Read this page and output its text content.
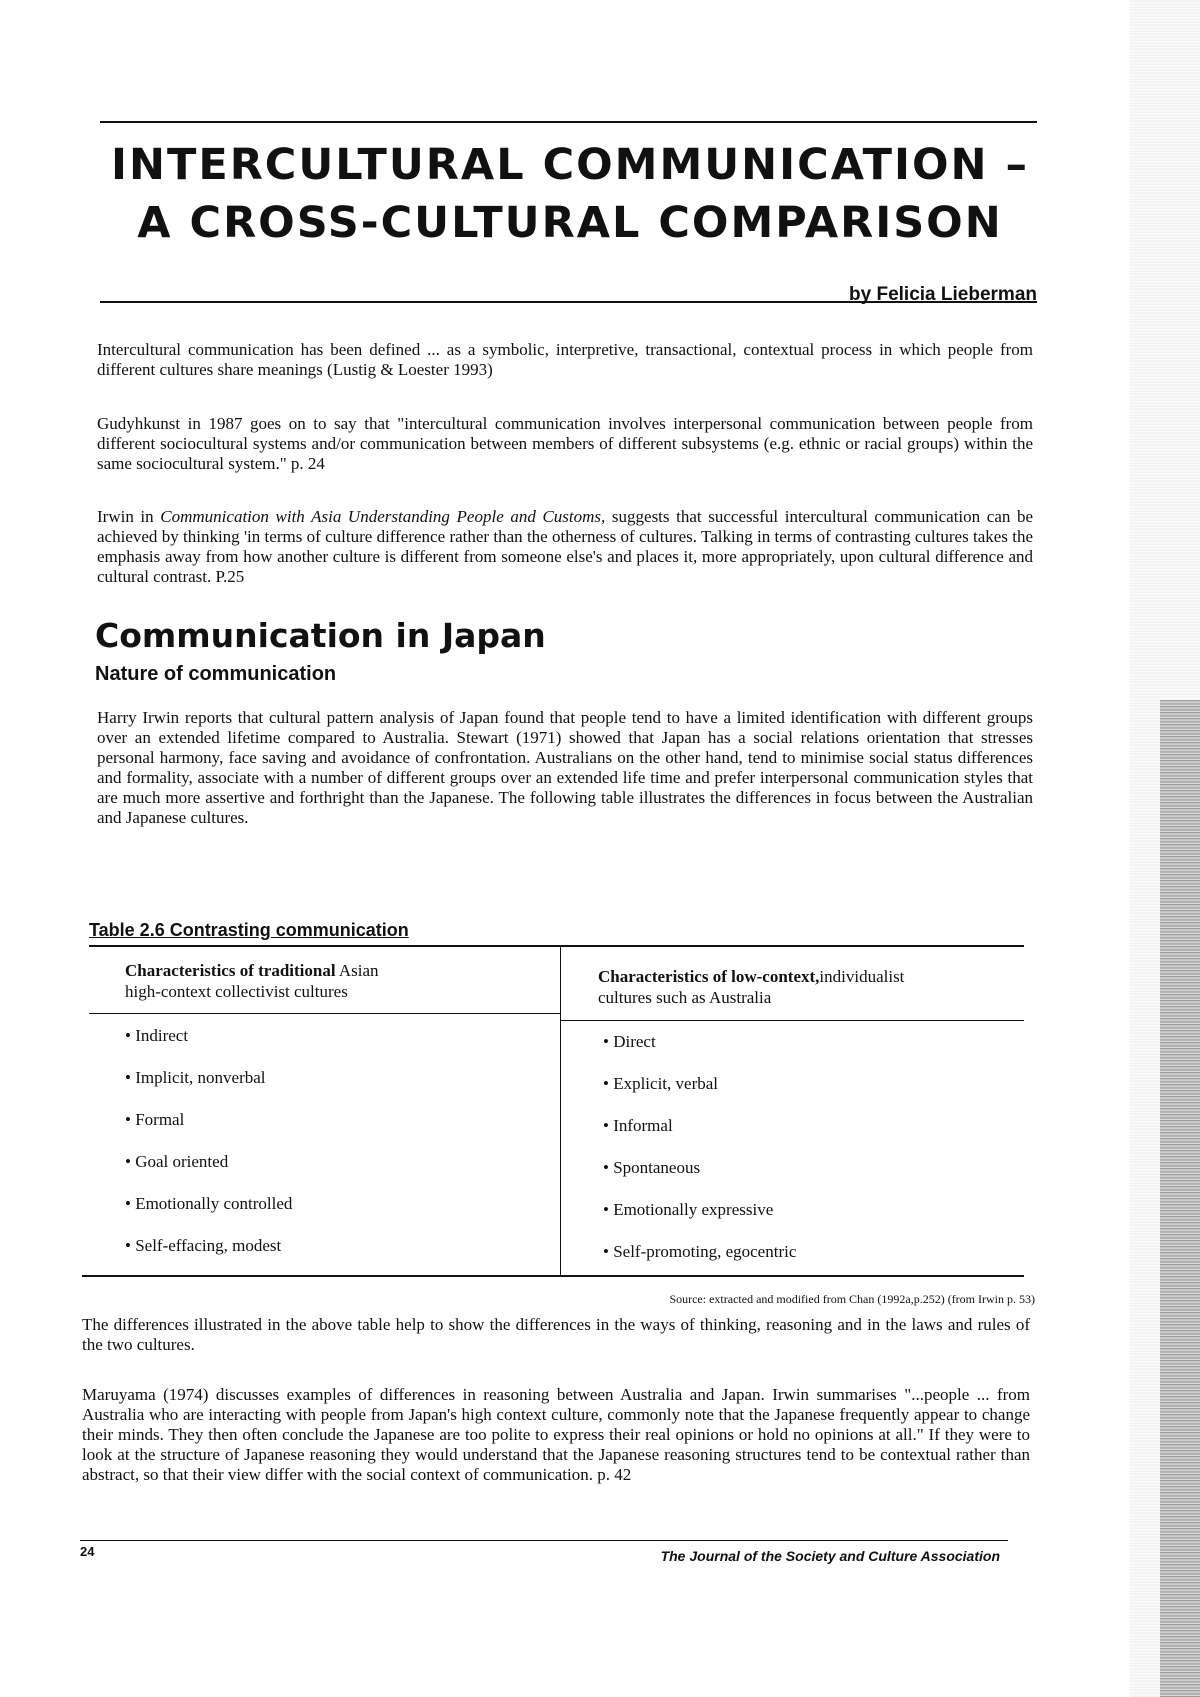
INTERCULTURAL COMMUNICATION –
A CROSS-CULTURAL COMPARISON
by Felicia Lieberman

Intercultural communication has been defined ... as a symbolic, interpretive, transactional, contextual process in which people from different cultures share meanings (Lustig & Loester 1993)

Gudyhkunst in 1987 goes on to say that "intercultural communication involves interpersonal communication between people from different sociocultural systems and/or communication between members of different subsystems (e.g. ethnic or racial groups) within the same sociocultural system." p. 24

Irwin in Communication with Asia Understanding People and Customs, suggests that successful intercultural communication can be achieved by thinking 'in terms of culture difference rather than the otherness of cultures. Talking in terms of contrasting cultures takes the emphasis away from how another culture is different from someone else's and places it, more appropriately, upon cultural difference and cultural contrast. P.25

Communication in Japan
Nature of communication

Harry Irwin reports that cultural pattern analysis of Japan found that people tend to have a limited identification with different groups over an extended lifetime compared to Australia. Stewart (1971) showed that Japan has a social relations orientation that stresses personal harmony, face saving and avoidance of confrontation. Australians on the other hand, tend to minimise social status differences and formality, associate with a number of different groups over an extended life time and prefer interpersonal communication styles that are much more assertive and forthright than the Japanese. The following table illustrates the differences in focus between the Australian and Japanese cultures.

Table 2.6 Contrasting communication
Characteristics of traditional Asian
high-context collectivist cultures
Characteristics of low-context,individualist
cultures such as Australia
• Indirect
• Implicit, nonverbal
• Formal
• Goal oriented
• Emotionally controlled
• Self-effacing, modest
• Direct
• Explicit, verbal
• Informal
• Spontaneous
• Emotionally expressive
• Self-promoting, egocentric
Source: extracted and modified from Chan (1992a,p.252) (from Irwin p. 53)

The differences illustrated in the above table help to show the differences in the ways of thinking, reasoning and in the laws and rules of the two cultures.

Maruyama (1974) discusses examples of differences in reasoning between Australia and Japan. Irwin summarises "...people ... from Australia who are interacting with people from Japan's high context culture, commonly note that the Japanese frequently appear to change their minds. They then often conclude the Japanese are too polite to express their real opinions or hold no opinions at all." If they were to look at the structure of Japanese reasoning they would understand that the Japanese reasoning structures tend to be contextual rather than abstract, so that their view differ with the social context of communication. p. 42

24	The Journal of the Society and Culture Association
